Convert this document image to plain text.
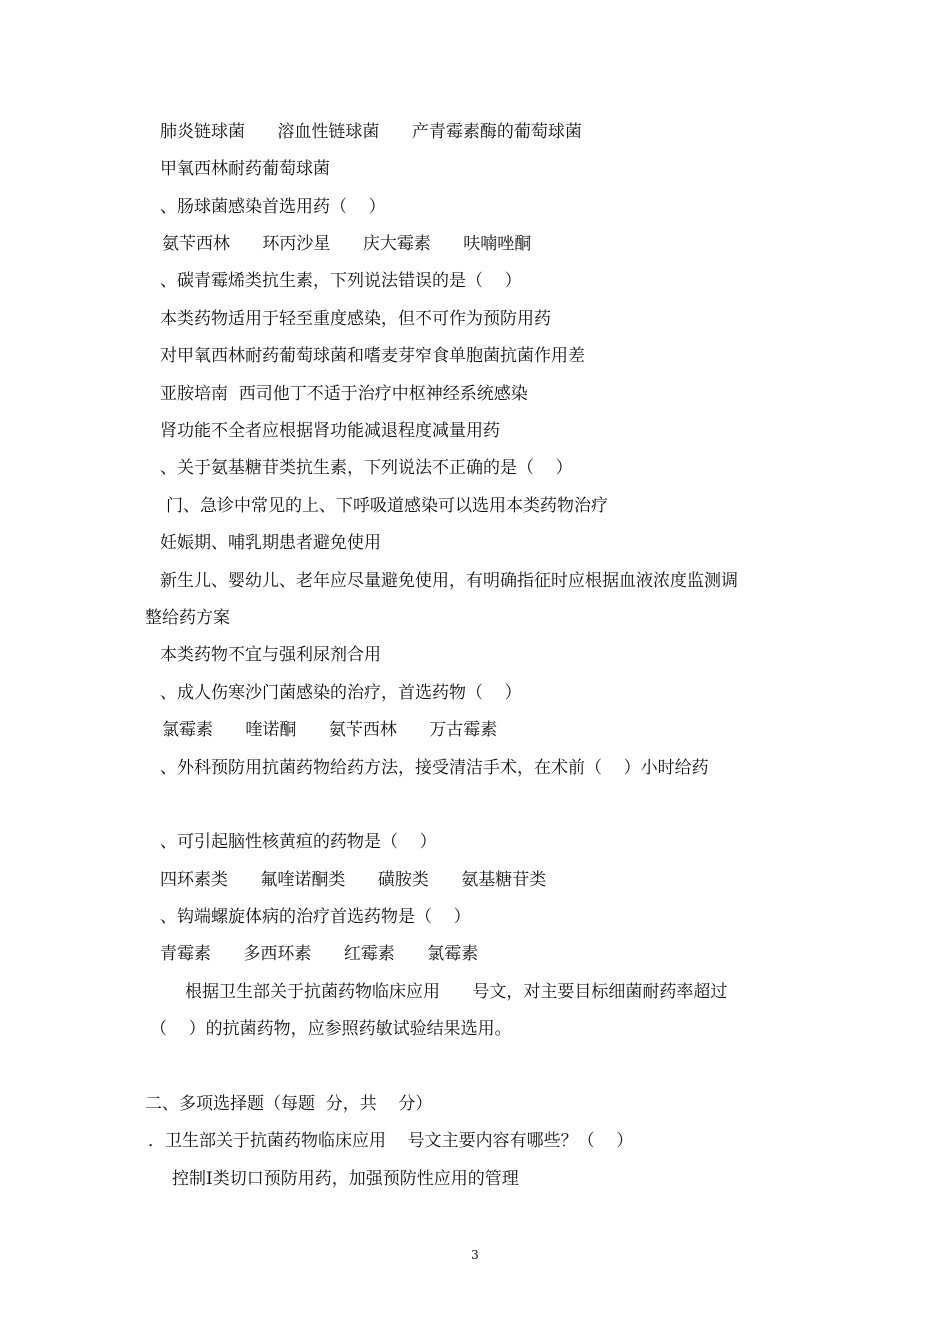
肺炎链球菌      溶血性链球菌      产青霉素酶的葡萄球菌
甲氧西林耐药葡萄球菌
、肠球菌感染首选用药（    ）
氨苄西林      环丙沙星      庆大霉素      呋喃唑酮
、碳青霉烯类抗生素，下列说法错误的是（    ）
本类药物适用于轻至重度感染，但不可作为预防用药
对甲氧西林耐药葡萄球菌和嗜麦芽窄食单胞菌抗菌作用差
亚胺培南  西司他丁不适于治疗中枢神经系统感染
肾功能不全者应根据肾功能减退程度减量用药
、关于氨基糖苷类抗生素，下列说法不正确的是（    ）
门、急诊中常见的上、下呼吸道感染可以选用本类药物治疗
妊娠期、哺乳期患者避免使用
新生儿、婴幼儿、老年应尽量避免使用，有明确指征时应根据血液浓度监测调
整给药方案
本类药物不宜与强利尿剂合用
、成人伤寒沙门菌感染的治疗，首选药物（    ）
氯霉素      喹诺酮      氨苄西林      万古霉素
、外科预防用抗菌药物给药方法，接受清洁手术，在术前（    ）小时给药
、可引起脑性核黄疸的药物是（    ）
四环素类      氟喹诺酮类      磺胺类      氨基糖苷类
、钩端螺旋体病的治疗首选药物是（    ）
青霉素      多西环素      红霉素      氯霉素
根据卫生部关于抗菌药物临床应用      号文，对主要目标细菌耐药率超过
（    ）的抗菌药物，应参照药敏试验结果选用。
二、多项选择题（每题  分，共    分）
．卫生部关于抗菌药物临床应用    号文主要内容有哪些？（    ）
控制Ⅰ类切口预防用药，加强预防性应用的管理
3
